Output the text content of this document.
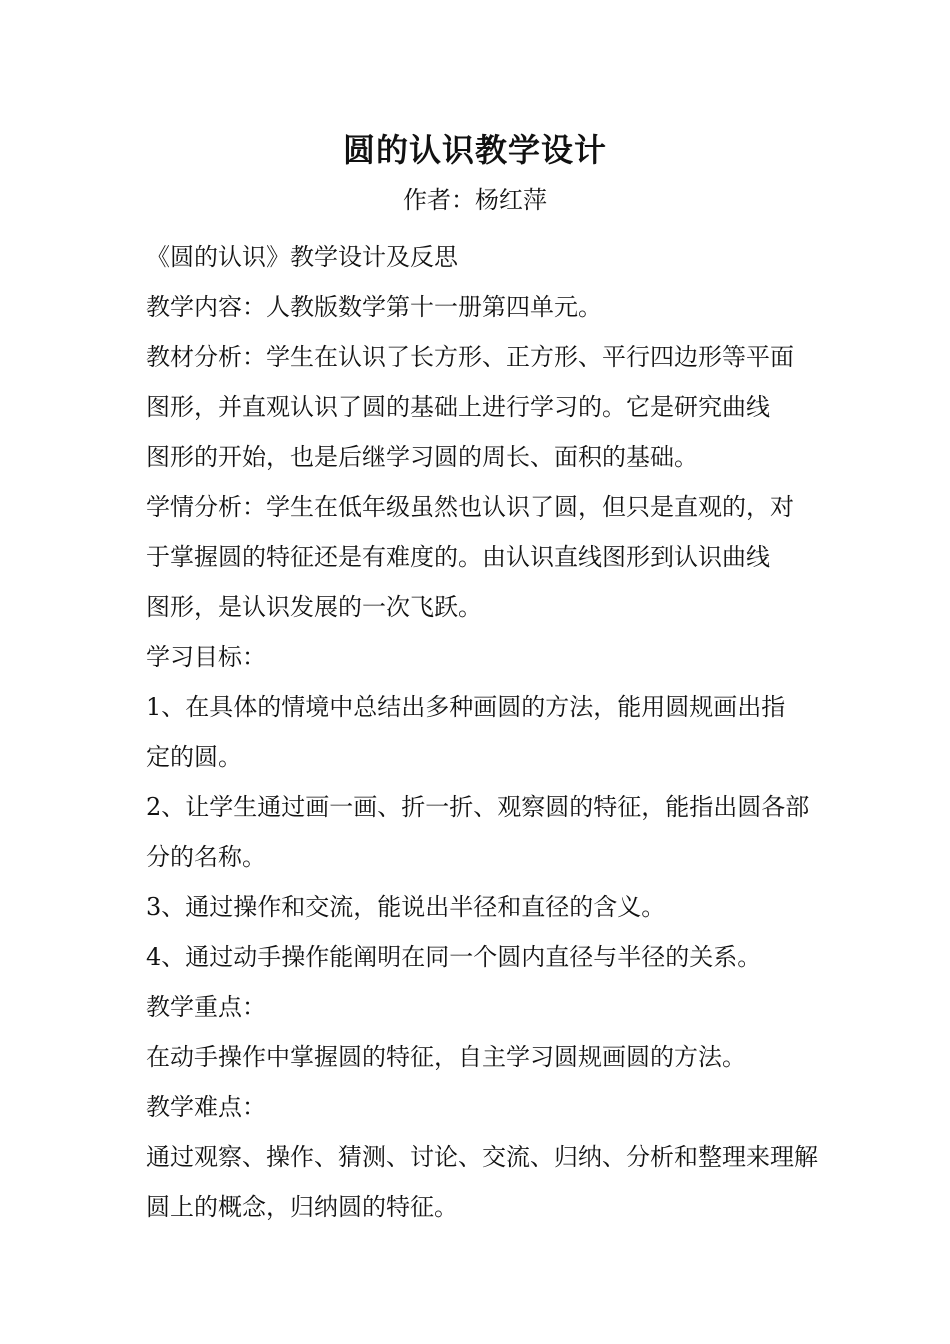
圆的认识教学设计
作者：杨红萍

《圆的认识》教学设计及反思

教学内容：人教版数学第十一册第四单元。

教材分析：学生在认识了长方形、正方形、平行四边形等平面

图形，并直观认识了圆的基础上进行学习的。它是研究曲线

图形的开始，也是后继学习圆的周长、面积的基础。

学情分析：学生在低年级虽然也认识了圆，但只是直观的，对

于掌握圆的特征还是有难度的。由认识直线图形到认识曲线

图形，是认识发展的一次飞跃。

学习目标：

1、在具体的情境中总结出多种画圆的方法，能用圆规画出指

定的圆。

2、让学生通过画一画、折一折、观察圆的特征，能指出圆各部

分的名称。

3、通过操作和交流，能说出半径和直径的含义。

4、通过动手操作能阐明在同一个圆内直径与半径的关系。

教学重点：

在动手操作中掌握圆的特征，自主学习圆规画圆的方法。

教学难点：

通过观察、操作、猜测、讨论、交流、归纳、分析和整理来理解

圆上的概念，归纳圆的特征。
